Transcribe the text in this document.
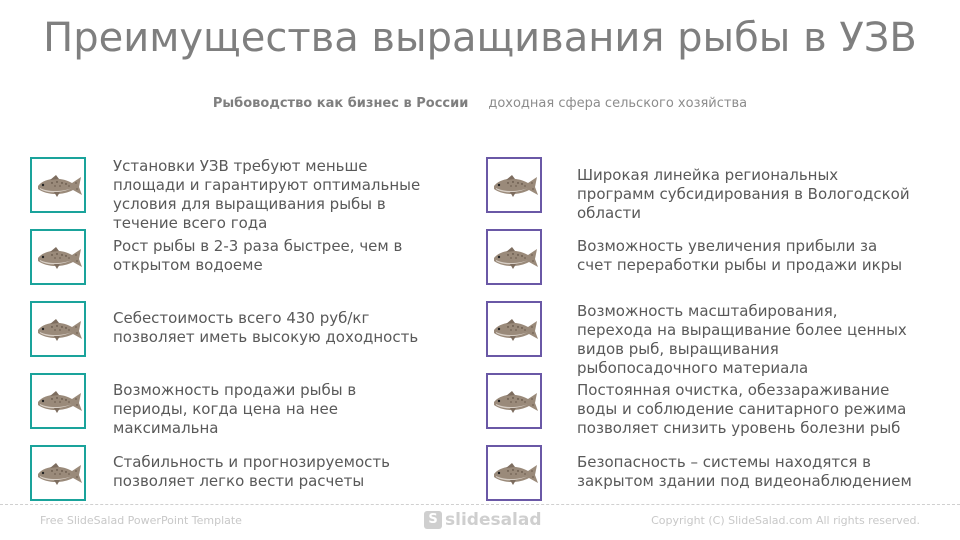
Преимущества выращивания рыбы в УЗВ
Рыбоводство как бизнес в России доходная сфера сельского хозяйства
Установки УЗВ требуют меньше площади и гарантируют оптимальные условия для выращивания рыбы в течение всего года
Широкая линейка региональных программ субсидирования в Вологодской области
Рост рыбы в 2-3 раза быстрее, чем в открытом водоеме
Возможность увеличения прибыли за счет переработки рыбы и продажи икры
Себестоимость всего 430 руб/кг позволяет иметь высокую доходность
Возможность масштабирования, перехода на выращивание более ценных видов рыб, выращивания рыбопосадочного материала
Возможность продажи рыбы в периоды, когда цена на нее максимальна
Постоянная очистка, обеззараживание воды и соблюдение санитарного режима позволяет снизить уровень болезни рыб
Стабильность и прогнозируемость позволяет легко вести расчеты
Безопасность – системы находятся в закрытом здании под видеонаблюдением
Free SlideSalad PowerPoint Template	S slidesalad	Copyright (C) SlideSalad.com All rights reserved.
